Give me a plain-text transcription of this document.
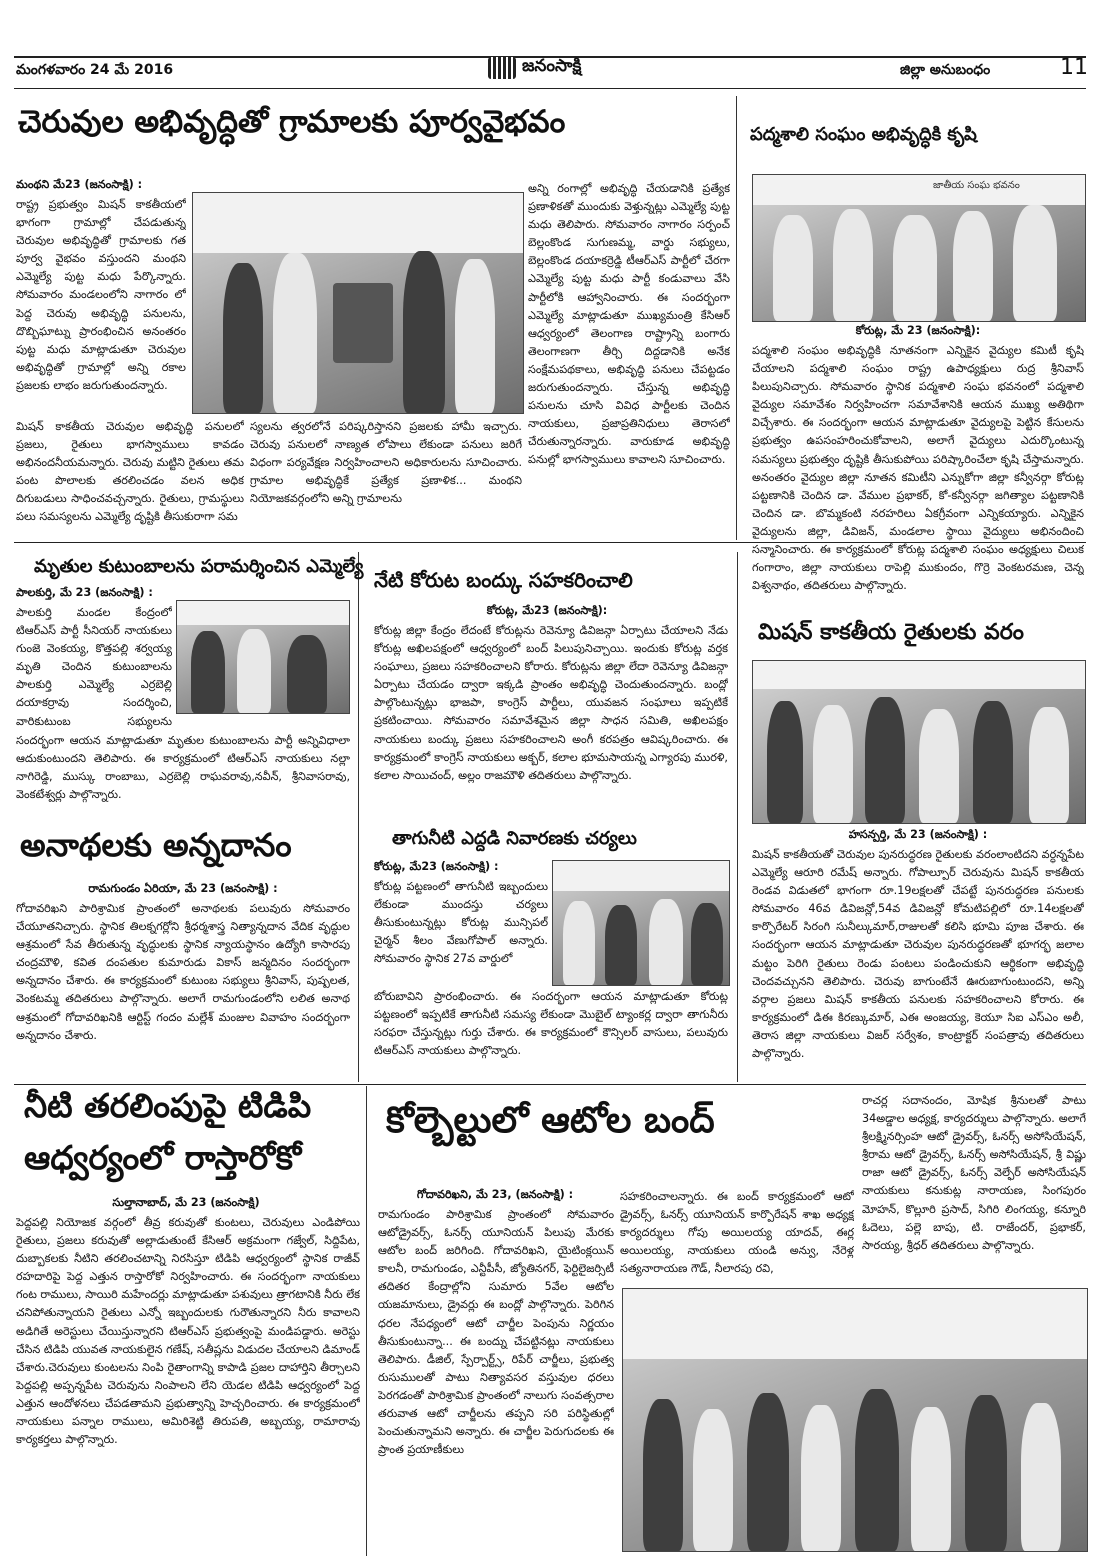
మంగళవారం 24 మే 2016	జనంసాక్షి	జిల్లా అనుబంధం	11
చెరువుల అభివృద్ధితో గ్రామాలకు పూర్వవైభవం
మంథని మే23 (జనంసాక్షి) :
రాష్ట్ర ప్రభుత్వం మిషన్ కాకతీయలో భాగంగా గ్రామాల్లో చేపడుతున్న చెరువుల అభివృద్ధితో గ్రామాలకు గత పూర్వ వైభవం వస్తుందని మంథని ఎమ్మెల్యే పుట్ట మధు పేర్కొన్నారు. సోమవారం మండలంలోని నాగారం లో పెద్ద చెరువు అభివృద్ధి పనులను, దొబ్బిఘాట్ను ప్రారంభించిన అనంతరం పుట్ట మధు మాట్లాడుతూ చెరువుల అభివృద్ధితో గ్రామాల్లో అన్ని రకాల ప్రజలకు లాభం జరుగుతుందన్నారు.
అన్ని రంగాల్లో అభివృద్ధి చేయడానికి ప్రత్యేక ప్రణాళికతో ముందుకు వెళ్తున్నట్లు ఎమ్మెల్యే పుట్ట మధు తెలిపారు. సోమవారం నాగారం సర్పంచ్ బెల్లంకొండ సుగుణమ్మ, వార్డు సభ్యులు, బెల్లంకొండ దయాకర్రెడ్డి టీఆర్ఎస్ పార్టీలో చేరగా ఎమ్మెల్యే పుట్ట మధు పార్టీ కండువాలు వేసి పార్టీలోకి ఆహ్వానించారు. ఈ సందర్భంగా ఎమ్మెల్యే మాట్లాడుతూ ముఖ్యమంత్రి కేసిఆర్ ఆధ్వర్యంలో తెలంగాణ రాష్ట్రాన్ని బంగారు తెలంగాణగా తీర్చి దిద్దడానికి అనేక సంక్షేమపథకాలు, అభివృద్ధి పనులు చేపట్టడం జరుగుతుందన్నారు. చేస్తున్న అభివృద్ధి పనులను చూసి వివిధ పార్టీలకు చెందిన నాయకులు, ప్రజాప్రతినిధులు తెరాసలో చేరుతున్నారన్నారు. వారుకూడ అభివృద్ధి పనుల్లో భాగస్వాములు కావాలని సూచించారు.
మిషన్ కాకతీయ చెరువుల అభివృద్ధి పనులలో ప్రజలు, రైతులు భాగస్వాములు కావడం అభినందనీయమన్నారు. చెరువు మట్టిని రైతులు తమ పంట పొలాలకు తరలించడం వలన అధిక దిగుబడులు సాధించవచ్చన్నారు. రైతులు, గ్రామస్థులు పలు సమస్యలను ఎమ్మెల్యే దృష్టికి తీసుకురాగా సమ
స్యలను త్వరలోనే పరిష్కరిస్తానని ప్రజలకు హామీ ఇచ్చారు. చెరువు పనులలో నాణ్యత లోపాలు లేకుండా పనులు జరిగే విధంగా పర్యవేక్షణ నిర్వహించాలని అధికారులను సూచించారు. గ్రామాల అభివృద్ధికే ప్రత్యేక ప్రణాళిక... మంథని నియోజకవర్గంలోని అన్ని గ్రామాలను
పద్మశాలి సంఘం అభివృద్ధికి కృషి
జాతీయ సంఘ భవనం
కోరుట్ల, మే 23 (జనంసాక్షి):
పద్మశాలి సంఘం అభివృద్ధికి నూతనంగా ఎన్నికైన వైద్యుల కమిటీ కృషి చేయాలని పద్మశాలి సంఘం రాష్ట్ర ఉపాధ్యక్షులు రుద్ర శ్రీనివాస్ పిలుపునిచ్చారు. సోమవారం స్థానిక పద్మశాలి సంఘ భవనంలో పద్మశాలి వైద్యుల సమావేశం నిర్వహించగా సమావేశానికి ఆయన ముఖ్య అతిథిగా విచ్చేశారు. ఈ సందర్భంగా ఆయన మాట్లాడుతూ వైద్యులపై పెట్టిన కేసులను ప్రభుత్వం ఉపసంహరించుకోవాలని, అలాగే వైద్యులు ఎదుర్కొంటున్న సమస్యలు ప్రభుత్వం దృష్టికి తీసుకుపోయి పరిష్కారించేలా కృషి చేస్తామన్నారు. అనంతరం వైద్యుల జిల్లా నూతన కమిటీని ఎన్నుకోగా జిల్లా కన్వీనర్గా కోరుట్ల పట్టణానికి చెందిన డా. వేముల ప్రభాకర్, కో-కన్వీనర్గా జగిత్యాల పట్టణానికి చెందిన డా. బొమ్మకంటి నరహరిలు ఏకగ్రీవంగా ఎన్నికయ్యారు. ఎన్నికైన వైద్యులను జిల్లా, డివిజన్, మండలాల స్థాయి వైద్యులు అభినందించి సన్మానించారు. ఈ కార్యక్రమంలో కోరుట్ల పద్మశాలి సంఘం అధ్యక్షులు చిలుక గంగారాం, జిల్లా నాయకులు రాపెల్లి ముకుందం, గొర్రె వెంకటరమణ, చెన్న విశ్వనాథం, తదితరులు పాల్గొన్నారు.
మృతుల కుటుంబాలను పరామర్శించిన ఎమ్మెల్యే
పాలకుర్తి, మే 23 (జనంసాక్షి) :
పాలకుర్తి మండల కేంద్రంలో టిఆర్ఎస్ పార్టీ సీనియర్ నాయకులు గుంజె వెంకయ్య, కొత్తపల్లి శర్వయ్య మృతి చెందిన కుటుంబాలను పాలకుర్తి ఎమ్మెల్యే ఎర్రబెల్లి దయాకర్రావు సందర్శించి, వారికుటుంబ సభ్యులను
సందర్భంగా ఆయన మాట్లాడుతూ మృతుల కుటుంబాలను పార్టీ అన్నివిధాలా ఆదుకుంటుందని తెలిపారు. ఈ కార్యక్రమంలో టిఆర్ఎస్ నాయకులు నల్లా నాగిరెడ్డి, ముస్కు రాంబాబు, ఎర్రబెల్లి రాఘవరావు,నవీన్, శ్రీనివాసరావు, వెంకటేశ్వర్లు పాల్గొన్నారు.
నేటి కోరుట బంద్కు సహకరించాలి
కోరుట్ల, మే23 (జనంసాక్షి):
కోరుట్ల జిల్లా కేంద్రం లేదంటే కోరుట్లను రెవెన్యూ డివిజన్గా ఏర్పాటు చేయాలని నేడు కోరుట్ల అఖిలపక్షంలో ఆధ్వర్యంలో బంద్ పిలుపునిచ్చాయి. ఇందుకు కోరుట్ల వర్తక సంఘాలు, ప్రజలు సహకరించాలని కోరారు. కోరుట్లను జిల్లా లేదా రెవెన్యూ డివిజన్గా ఏర్పాటు చేయడం ద్వారా ఇక్కడి ప్రాంతం అభివృద్ధి చెందుతుందన్నారు. బంద్లో పాల్గొంటున్నట్లు భాజపా, కాంగ్రెస్ పార్టీలు, యువజన సంఘాలు ఇప్పటికే ప్రకటించాయి. సోమవారం సమావేశమైన జిల్లా సాధన సమితి, అఖిలపక్షం నాయకులు బంద్కు ప్రజలు సహకరించాలని అంగీ కరపత్రం ఆవిష్కరించారు. ఈ కార్యక్రమంలో కాంగ్రెస్ నాయకులు అక్బర్, కలాల భూమసాయన్న ఎగ్యారపు మురళి, కలాల సాయిచంద్, అల్లం రాజమౌళి తదితరులు పాల్గొన్నారు.
మిషన్ కాకతీయ రైతులకు వరం
హసన్పర్తి, మే 23 (జనంసాక్షి) :
మిషన్ కాకతీయతో చెరువుల పునరుద్ధరణ రైతులకు వరంలాంటిదని వర్ధన్నపేట ఎమ్మెల్యే ఆరూరి రమేష్ అన్నారు. గోపాల్పూర్ చెరువును మిషన్ కాకతీయ రెండవ విడుతలో భాగంగా రూ.19లక్షలతో చేపట్టే పునరుద్ధరణ పనులకు సోమవారం 46వ డివిజన్లో,54వ డివిజన్లో కోమటిపల్లిలో రూ.14లక్షలతో కార్పొరేటర్ సిరంగి సునీల్కుమార్,రాజులతో కలిసి భూమి పూజ చేశారు. ఈ సందర్భంగా ఆయన మాట్లాడుతూ చెరువుల పునరుద్ధరణతో భూగర్భ జలాల మట్టం పెరిగి రైతులు రెండు పంటలు పండించుకుని ఆర్థికంగా అభివృద్ధి చెందవచ్చునని తెలిపారు. చెరువు బాగుంటేనే ఊరుబాగుంటుందని, అన్ని వర్గాల ప్రజలు మిషన్ కాకతీయ పనులకు సహకరించాలని కోరారు. ఈ కార్యక్రమంలో డిఈ కిరణ్కుమార్, ఎఈ అంజయ్య, కెయూ సిఐ ఎస్ఎం అలీ, తెరాస జిల్లా నాయకులు విజర్ సర్వేశం, కాంట్రాక్టర్ సంపత్రావు తదితరులు పాల్గొన్నారు.
అనాథలకు అన్నదానం
రామగుండం ఏరియా, మే 23 (జనంసాక్షి) :
గోదావరిఖని పారిశ్రామిక ప్రాంతంలో అనాథలకు పలువురు సోమవారం చేయూతనిచ్చారు. స్థానిక తిలక్నగర్లోని శ్రీధర్మశాస్త్ర నిత్యాన్నదాన వేదిక వృద్ధుల ఆశ్రమంలో సేవ తీరుతున్న వృద్ధులకు స్థానిక న్యాయస్థానం ఉద్యోగి కాసారపు చంద్రమౌళి, కవిత దంపతుల కుమారుడు వికాస్ జన్మదినం సందర్భంగా అన్నదానం చేశారు. ఈ కార్యక్రమంలో కుటుంబ సభ్యులు శ్రీనివాస్, పుష్పలత, వెంకటమ్మ తదితరులు పాల్గొన్నారు. అలాగే రామగుండంలోని లలిత అనాథ ఆశ్రమంలో గోదావరిఖనికి ఆర్టిస్ట్ గందం మల్లేశ్ మంజుల వివాహం సందర్భంగా అన్నదానం చేశారు.
తాగునీటి ఎద్దడి నివారణకు చర్యలు
కోరుట్ల, మే23 (జనంసాక్షి) :
కోరుట్ల పట్టణంలో తాగునీటి ఇబ్బందులు లేకుండా ముందస్తు చర్యలు తీసుకుంటున్నట్లు కోరుట్ల మున్సిపల్ చైర్మన్ శీలం వేణుగోపాల్ అన్నారు. సోమవారం స్థానిక 27వ వార్డులో
బోరుబావిని ప్రారంభించారు. ఈ సందర్భంగా ఆయన మాట్లాడుతూ కోరుట్ల పట్టణంలో ఇప్పటికే తాగునీటి సమస్య లేకుండా మొబైల్ ట్యాంకర్ల ద్వారా తాగునీరు సరఫరా చేస్తున్నట్లు గుర్తు చేశారు. ఈ కార్యక్రమంలో కౌన్సిలర్ వాసులు, పలువురు టిఆర్ఎస్ నాయకులు పాల్గొన్నారు.
నీటి తరలింపుపై టిడిపి
ఆధ్వర్యంలో రాస్తారోకో
సుల్తానాబాద్, మే 23 (జనంసాక్షి)
పెద్దపల్లి నియోజక వర్గంలో తీవ్ర కరువుతో కుంటలు, చెరువులు ఎండిపోయి రైతులు, ప్రజలు కరువుతో అల్లాడుతుంటే కేసిఆర్ అక్రమంగా గజ్వేల్, సిద్దిపేట, దుబ్బాకలకు నీటిని తరలించటాన్ని నిరసిస్తూ టిడిపి ఆధ్వర్యంలో స్థానిక రాజీవ్ రహదారిపై పెద్ద ఎత్తున రాస్తారోకో నిర్వహించారు. ఈ సందర్భంగా నాయకులు గంట రాములు, సాయిరి మహేందర్లు మాట్లాడుతూ పశువులు త్రాగటానికి నీరు లేక చనిపోతున్నాయని రైతులు ఎన్నో ఇబ్బందులకు గురౌతున్నారని నీరు కావాలని అడిగితే అరెస్టులు చేయిస్తున్నారని టిఆర్ఎస్ ప్రభుత్వంపై మండిపడ్డారు. అరెస్టు చేసిన టిడిపి యువత నాయకులైన గణేష్, సతీష్లను విడుదల చేయాలని డిమాండ్ చేశారు.చెరువులు కుంటలను నింపి రైతాంగాన్ని కాపాడి ప్రజల దాహార్తిని తీర్చాలని పెద్దపల్లి అప్పన్నపేట చెరువును నింపాలని లేని యెడల టిడిపి ఆధ్వర్యంలో పెద్ద ఎత్తున ఆందోళనలు చేపడతామని ప్రభుత్వాన్ని హెచ్చరించారు. ఈ కార్యక్రమంలో నాయకులు పన్నాల రాములు, అమిరిశెట్టి తిరుపతి, అబ్బయ్య, రామారావు కార్యకర్తలు పాల్గొన్నారు.
కోల్బెల్టులో ఆటోల బంద్
గోదావరిఖని, మే 23, (జనంసాక్షి) :
రామగుండం పారిశ్రామిక ప్రాంతంలో సోమవారం ఆటోడ్రైవర్స్, ఓనర్స్ యూనియన్ పిలుపు మేరకు ఆటోల బంద్ జరిగింది. గోదావరిఖని, యైటింక్లయిన్ కాలనీ, రామగుండం, ఎన్టీపీసీ, జ్యోతినగర్, ఫెర్టిలైజర్సిటీ తదితర కేంద్రాల్లోని సుమారు 5వేల ఆటోల యజమానులు, డ్రైవర్లు ఈ బంద్లో పాల్గొన్నారు. పెరిగిన ధరల నేపధ్యంలో ఆటో చార్జీల పెంపును నిర్ణయం తీసుకుంటున్నా... ఈ బంద్ను చేపట్టినట్లు నాయకులు తెలిపారు. డీజిల్, స్పేర్పార్ట్స్, రిపేర్ చార్జీలు, ప్రభుత్వ రుసుములతో పాటు నిత్యావసర వస్తువుల ధరలు పెరగడంతో పారిశ్రామిక ప్రాంతంలో నాలుగు సంవత్సరాల తరువాత ఆటో చార్జీలను తప్పని సరి పరిస్థితుల్లో పెంచుతున్నామని అన్నారు. ఈ చార్జీల పెరుగుదలకు ఈ ప్రాంత ప్రయాణీకులు
సహకరించాలన్నారు. ఈ బంద్ కార్యక్రమంలో ఆటో డ్రైవర్స్, ఓనర్స్ యూనియన్ కార్పొరేషన్ శాఖ అధ్యక్ష కార్యదర్శులు గోపు అయిలయ్య యాదవ్, ఈర్ల అయిలయ్య, నాయకులు యండి అన్వు, నేరెళ్ల సత్యనారాయణ గౌడ్, నీలారపు రవి,
రాచర్ల సదానందం, మోషిక శ్రీనులతో పాటు 34అడ్డాల అధ్యక్ష, కార్యదర్శులు పాల్గొన్నారు. అలాగే శ్రీలక్ష్మినర్సింహ ఆటో డ్రైవర్స్, ఓనర్స్ అసోసియేషన్, శ్రీరామ ఆటో డ్రైవర్స్, ఓనర్స్ అసోసియేషన్, శ్రీ విష్ణు రాజా ఆటో డ్రైవర్స్, ఓనర్స్ వెల్ఫేర్ అసోసియేషన్ నాయకులు కనుకుట్ల నారాయణ, సింగపురం మోహన్, కొల్లూరి ప్రసాద్, సిగిరి లింగయ్య, కన్నూరి ఓదెలు, పల్లె బాపు, టి. రాజేందర్, ప్రభాకర్, సారయ్య, శ్రీధర్ తదితరులు పాల్గొన్నారు.
